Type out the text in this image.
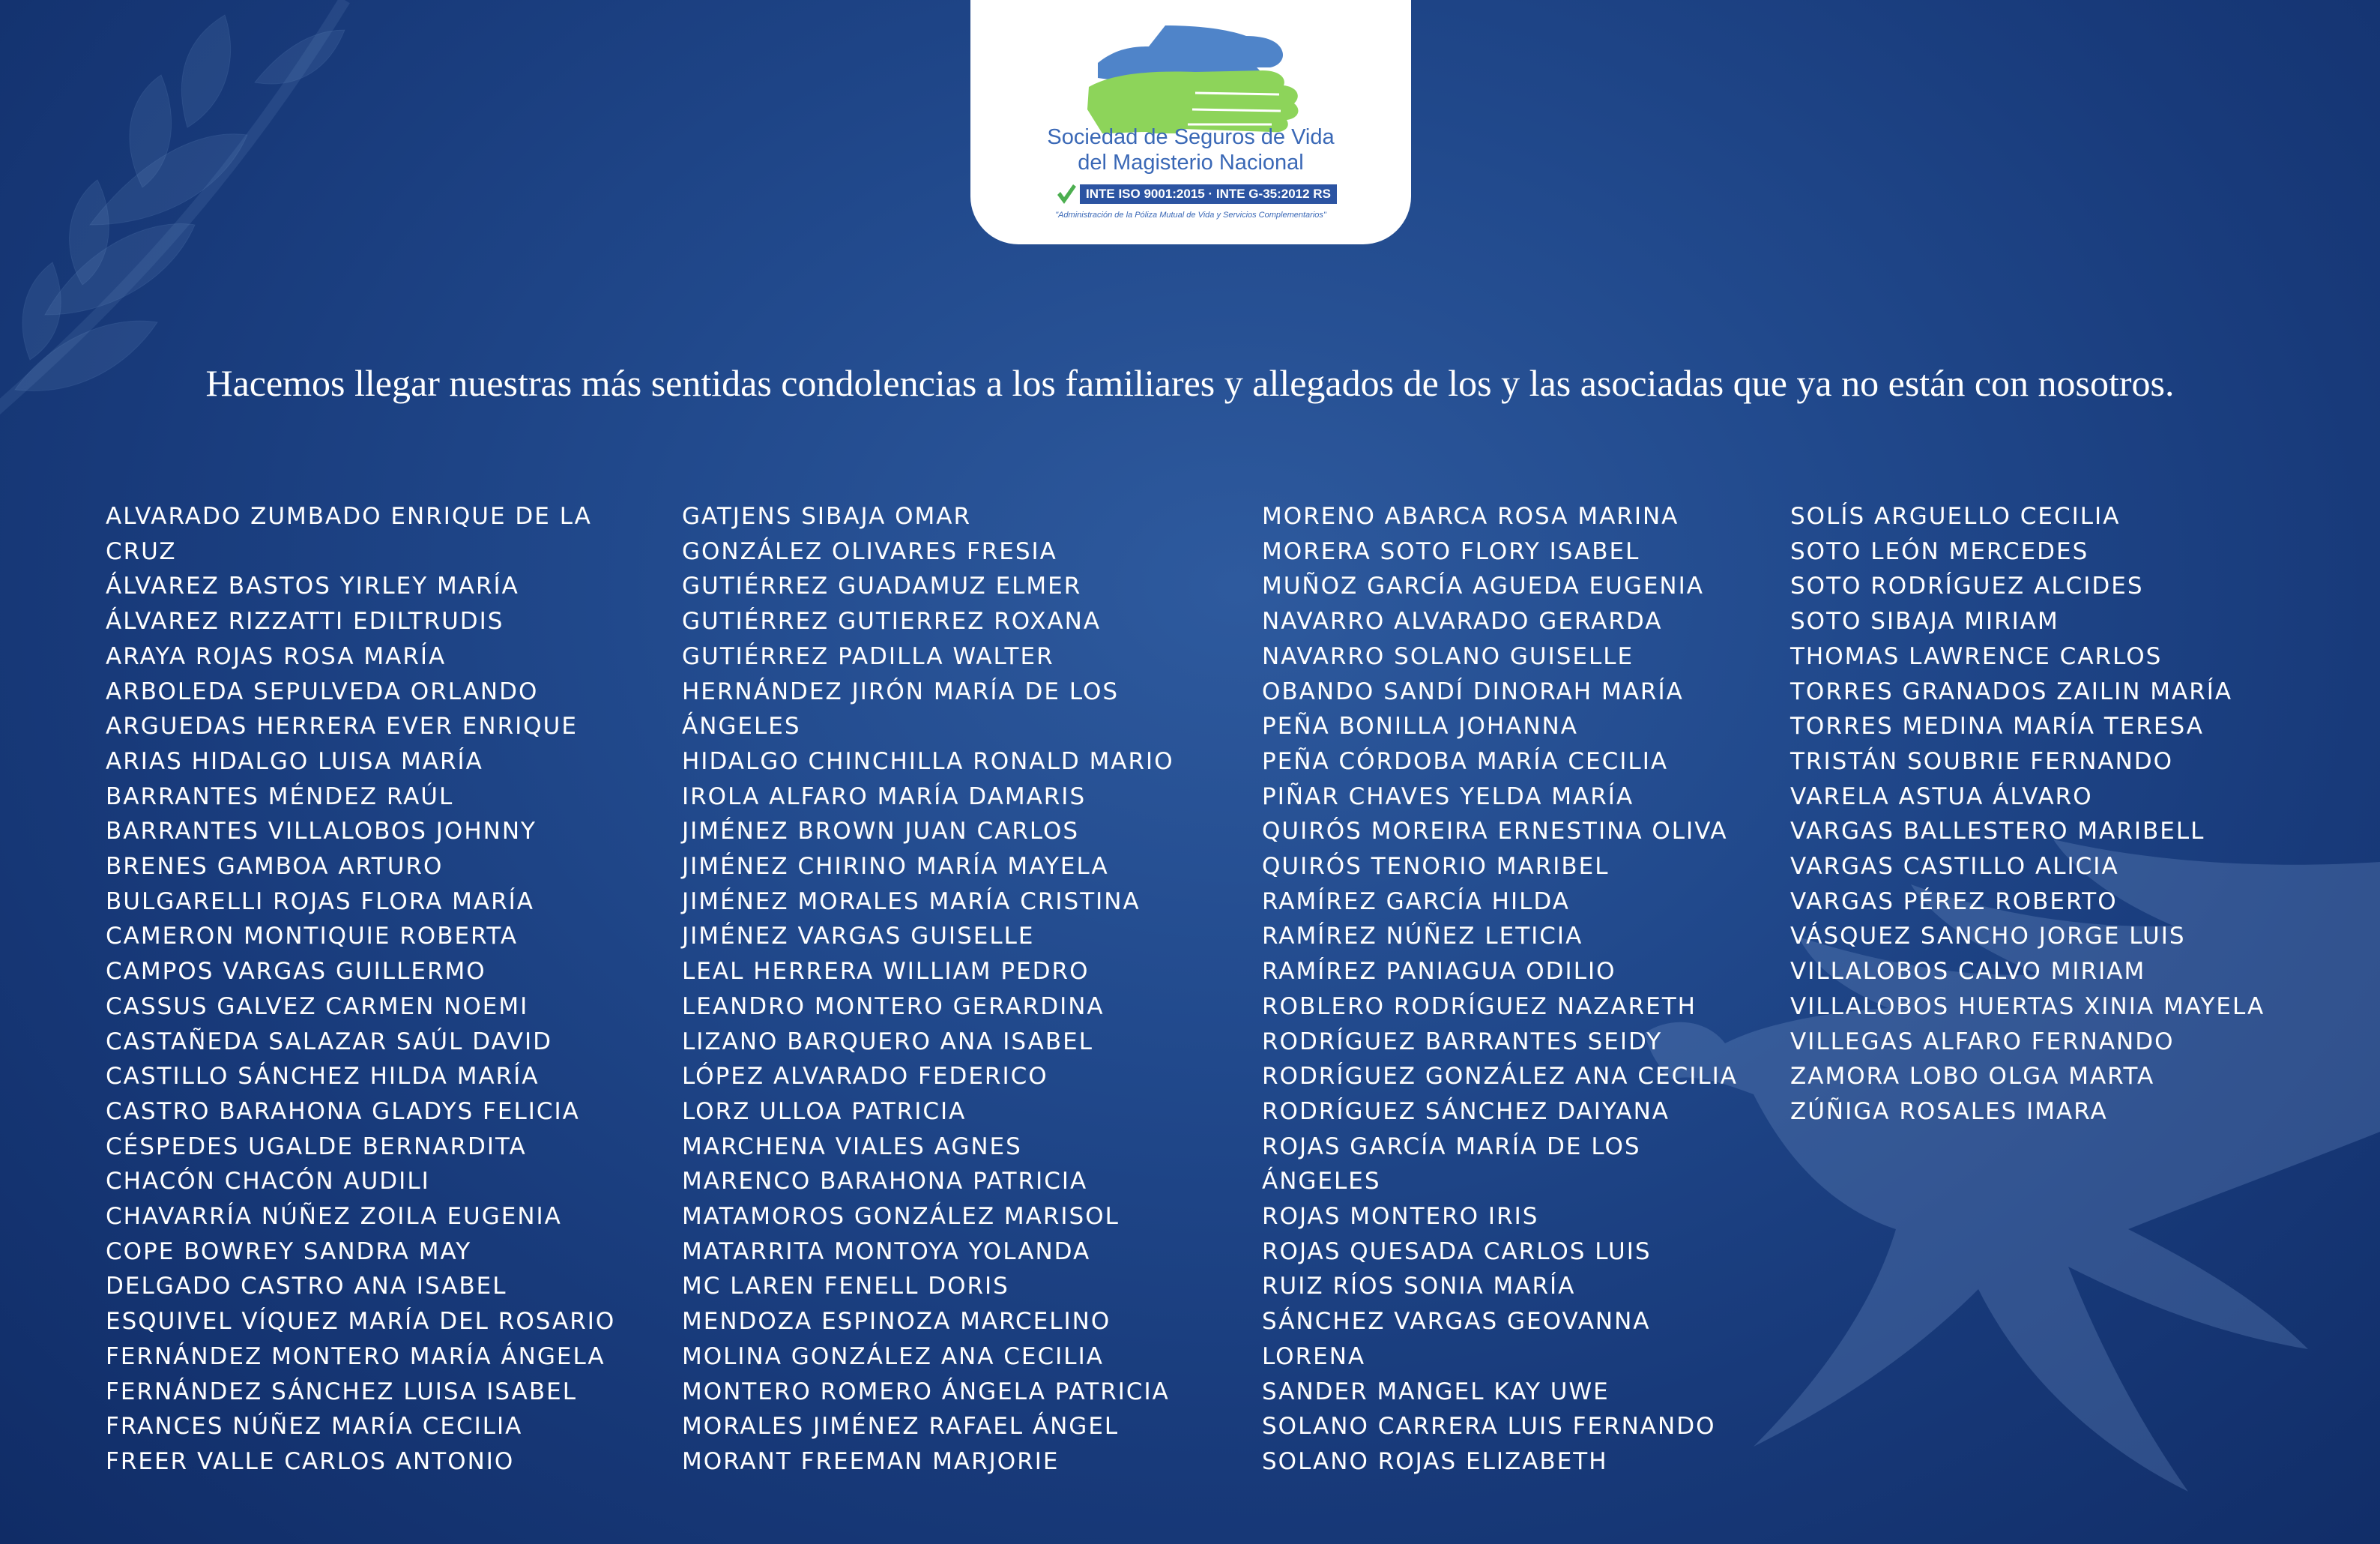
Sociedad de Seguros de Vida
del Magisterio Nacional
INTE ISO 9001:2015 · INTE G-35:2012 RS
"Administración de la Póliza Mutual de Vida y Servicios Complementarios"
Hacemos llegar nuestras más sentidas condolencias a los familiares y allegados de los y las asociadas que ya no están con nosotros.
ALVARADO ZUMBADO ENRIQUE DE LA
CRUZ
ÁLVAREZ BASTOS YIRLEY MARÍA
ÁLVAREZ RIZZATTI EDILTRUDIS
ARAYA ROJAS ROSA MARÍA
ARBOLEDA SEPULVEDA ORLANDO
ARGUEDAS HERRERA EVER ENRIQUE
ARIAS HIDALGO LUISA MARÍA
BARRANTES MÉNDEZ RAÚL
BARRANTES VILLALOBOS JOHNNY
BRENES GAMBOA ARTURO
BULGARELLI ROJAS FLORA MARÍA
CAMERON MONTIQUIE ROBERTA
CAMPOS VARGAS GUILLERMO
CASSUS GALVEZ CARMEN NOEMI
CASTAÑEDA SALAZAR SAÚL DAVID
CASTILLO SÁNCHEZ HILDA MARÍA
CASTRO BARAHONA GLADYS FELICIA
CÉSPEDES UGALDE BERNARDITA
CHACÓN CHACÓN AUDILI
CHAVARRÍA NÚÑEZ ZOILA EUGENIA
COPE BOWREY SANDRA MAY
DELGADO CASTRO ANA ISABEL
ESQUIVEL VÍQUEZ MARÍA DEL ROSARIO
FERNÁNDEZ MONTERO MARÍA ÁNGELA
FERNÁNDEZ SÁNCHEZ LUISA ISABEL
FRANCES NÚÑEZ MARÍA CECILIA
FREER VALLE CARLOS ANTONIO
GATJENS SIBAJA OMAR
GONZÁLEZ OLIVARES FRESIA
GUTIÉRREZ GUADAMUZ ELMER
GUTIÉRREZ GUTIERREZ ROXANA
GUTIÉRREZ PADILLA WALTER
HERNÁNDEZ JIRÓN MARÍA DE LOS
ÁNGELES
HIDALGO CHINCHILLA RONALD MARIO
IROLA ALFARO MARÍA DAMARIS
JIMÉNEZ BROWN JUAN CARLOS
JIMÉNEZ CHIRINO MARÍA MAYELA
JIMÉNEZ MORALES MARÍA CRISTINA
JIMÉNEZ VARGAS GUISELLE
LEAL HERRERA WILLIAM PEDRO
LEANDRO MONTERO GERARDINA
LIZANO BARQUERO ANA ISABEL
LÓPEZ ALVARADO FEDERICO
LORZ ULLOA PATRICIA
MARCHENA VIALES AGNES
MARENCO BARAHONA PATRICIA
MATAMOROS GONZÁLEZ MARISOL
MATARRITA MONTOYA YOLANDA
MC LAREN FENELL DORIS
MENDOZA ESPINOZA MARCELINO
MOLINA GONZÁLEZ ANA CECILIA
MONTERO ROMERO ÁNGELA PATRICIA
MORALES JIMÉNEZ RAFAEL ÁNGEL
MORANT FREEMAN MARJORIE
MORENO ABARCA ROSA MARINA
MORERA SOTO FLORY ISABEL
MUÑOZ GARCÍA AGUEDA EUGENIA
NAVARRO ALVARADO GERARDA
NAVARRO SOLANO GUISELLE
OBANDO SANDÍ DINORAH MARÍA
PEÑA BONILLA JOHANNA
PEÑA CÓRDOBA MARÍA CECILIA
PIÑAR CHAVES YELDA MARÍA
QUIRÓS MOREIRA ERNESTINA OLIVA
QUIRÓS TENORIO MARIBEL
RAMÍREZ GARCÍA HILDA
RAMÍREZ NÚÑEZ LETICIA
RAMÍREZ PANIAGUA ODILIO
ROBLERO RODRÍGUEZ NAZARETH
RODRÍGUEZ BARRANTES SEIDY
RODRÍGUEZ GONZÁLEZ ANA CECILIA
RODRÍGUEZ SÁNCHEZ DAIYANA
ROJAS GARCÍA MARÍA DE LOS
ÁNGELES
ROJAS MONTERO IRIS
ROJAS QUESADA CARLOS LUIS
RUIZ RÍOS SONIA MARÍA
SÁNCHEZ VARGAS GEOVANNA
LORENA
SANDER MANGEL KAY UWE
SOLANO CARRERA LUIS FERNANDO
SOLANO ROJAS ELIZABETH
SOLÍS ARGUELLO CECILIA
SOTO LEÓN MERCEDES
SOTO RODRÍGUEZ ALCIDES
SOTO SIBAJA MIRIAM
THOMAS LAWRENCE CARLOS
TORRES GRANADOS ZAILIN MARÍA
TORRES MEDINA MARÍA TERESA
TRISTÁN SOUBRIE FERNANDO
VARELA ASTUA ÁLVARO
VARGAS BALLESTERO MARIBELL
VARGAS CASTILLO ALICIA
VARGAS PÉREZ ROBERTO
VÁSQUEZ SANCHO JORGE LUIS
VILLALOBOS CALVO MIRIAM
VILLALOBOS HUERTAS XINIA MAYELA
VILLEGAS ALFARO FERNANDO
ZAMORA LOBO OLGA MARTA
ZÚÑIGA ROSALES IMARA
